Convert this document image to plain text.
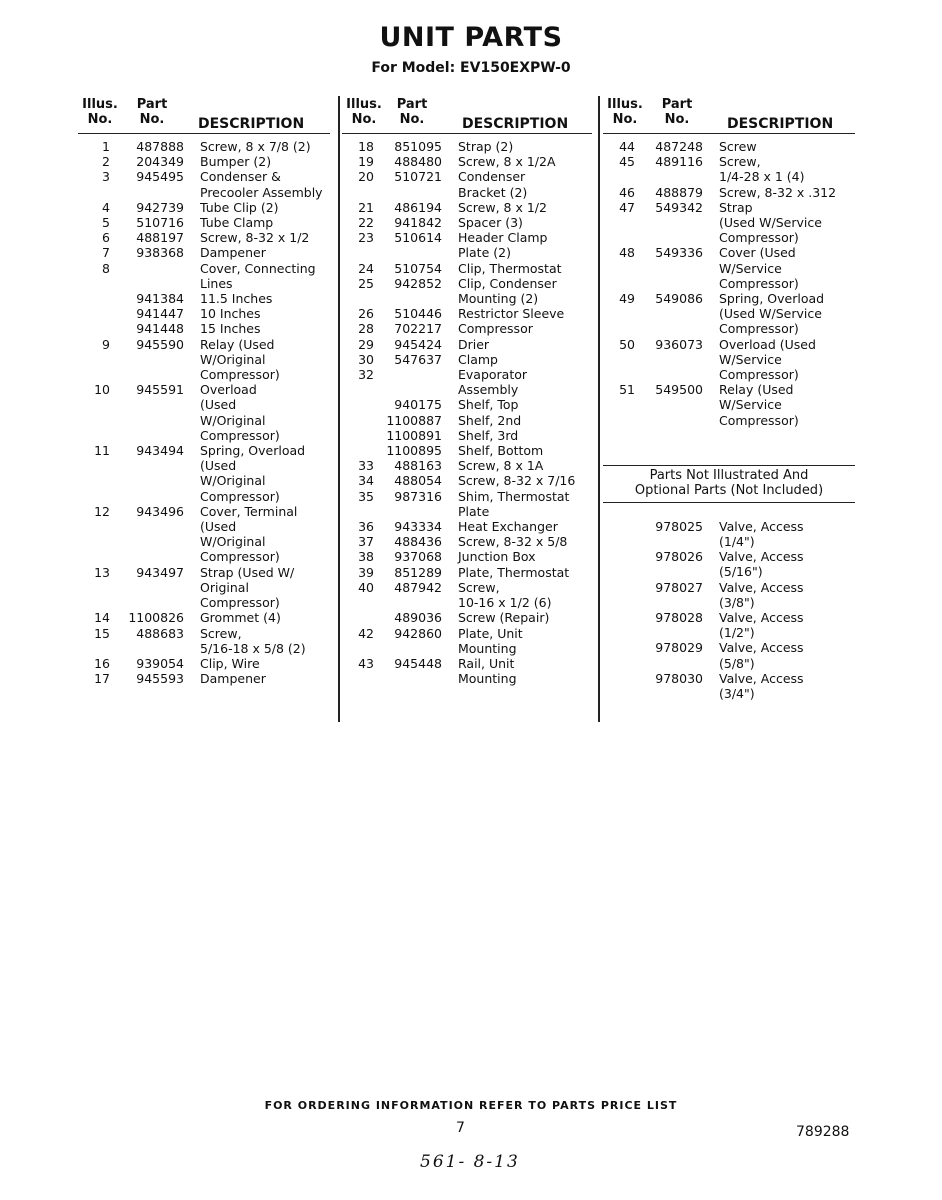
UNIT PARTS
For Model: EV150EXPW-0
Illus.
No.
Part
No.	DESCRIPTION
1	487888 Screw, 8 x 7/8 (2)
2	204349 Bumper (2)
3	945495 Condenser &
Precooler Assembly
4	942739 Tube Clip (2)
5	510716 Tube Clamp
6	488197 Screw, 8-32 x 1/2
7	938368 Dampener
8	Cover, Connecting
Lines
941384 11.5 Inches
941447 10 Inches
941448 15 Inches
9	945590 Relay (Used
W/Original
Compressor)
10	945591 Overload
(Used
W/Original
Compressor)
11	943494 Spring, Overload
(Used
W/Original
Compressor)
12	943496 Cover, Terminal
(Used
W/Original
Compressor)
13	943497 Strap (Used W/
Original
Compressor)
14	1100826 Grommet (4)
15	488683 Screw,
5/16-18 x 5/8 (2)
16	939054 Clip, Wire
17	945593 Dampener
Illus.
No.
Part
No.	DESCRIPTION
18	851095 Strap (2)
19	488480 Screw, 8 x 1/2A
20	510721 Condenser
Bracket (2)
21	486194 Screw, 8 x 1/2
22	941842 Spacer (3)
23	510614 Header Clamp
Plate (2)
24	510754 Clip, Thermostat
25	942852 Clip, Condenser
Mounting (2)
26	510446 Restrictor Sleeve
28	702217 Compressor
29	945424 Drier
30	547637 Clamp
32	Evaporator
Assembly
940175 Shelf, Top
1100887 Shelf, 2nd
1100891 Shelf, 3rd
1100895 Shelf, Bottom
33	488163 Screw, 8 x 1A
34	488054 Screw, 8-32 x 7/16
35	987316 Shim, Thermostat
Plate
36	943334 Heat Exchanger
37	488436 Screw, 8-32 x 5/8
38	937068 Junction Box
39	851289 Plate, Thermostat
40	487942 Screw,
10-16 x 1/2 (6)
489036 Screw (Repair)
42	942860 Plate, Unit
Mounting
43	945448 Rail, Unit
Mounting
Illus.
No.
Part
No.	DESCRIPTION
44	487248 Screw
45	489116 Screw,
1/4-28 x 1 (4)
46	488879 Screw, 8-32 x .312
47	549342 Strap
(Used W/Service
Compressor)
48	549336 Cover (Used
W/Service
Compressor)
49	549086 Spring, Overload
(Used W/Service
Compressor)
50	936073 Overload (Used
W/Service
Compressor)
51	549500 Relay (Used
W/Service
Compressor)
Parts Not Illustrated And
Optional Parts (Not Included)
978025 Valve, Access
(1/4")
978026 Valve, Access
(5/16")
978027 Valve, Access
(3/8")
978028 Valve, Access
(1/2")
978029 Valve, Access
(5/8")
978030 Valve, Access
(3/4")
FOR ORDERING INFORMATION REFER TO PARTS PRICE LIST
7	789288
561- 8-13
